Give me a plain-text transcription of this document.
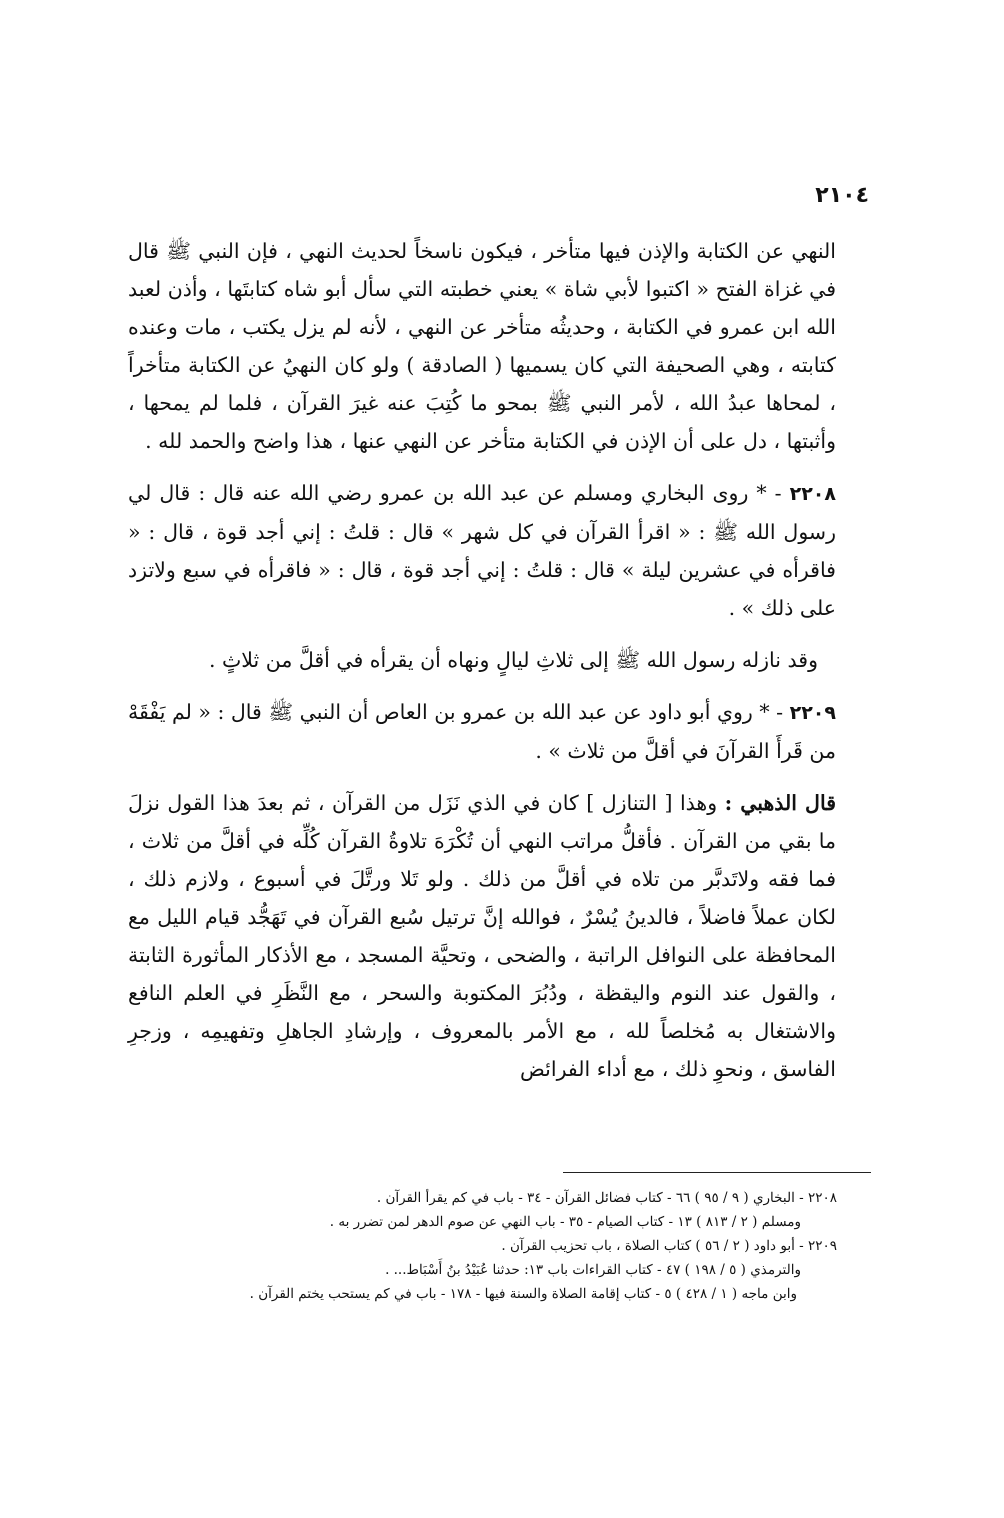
٢١٠٤

النهي عن الكتابة والإذن فيها متأخر ، فيكون ناسخاً لحديث النهي ، فإن النبي ﷺ قال في غزاة الفتح « اكتبوا لأبي شاة » يعني خطبته التي سأل أبو شاه كتابتَها ، وأذن لعبد الله ابن عمرو في الكتابة ، وحديثُه متأخر عن النهي ، لأنه لم يزل يكتب ، مات وعنده كتابته ، وهي الصحيفة التي كان يسميها ( الصادقة ) ولو كان النهيُ عن الكتابة متأخراً ، لمحاها عبدُ الله ، لأمر النبي ﷺ بمحو ما كُتِبَ عنه غيرَ القرآن ، فلما لم يمحها ، وأثبتها ، دل على أن الإذن في الكتابة متأخر عن النهي عنها ، هذا واضح والحمد لله .

٢٢٠٨ - * روى البخاري ومسلم عن عبد الله بن عمرو رضي الله عنه قال : قال لي رسول الله ﷺ : « اقرأ القرآن في كل شهر » قال : قلتُ : إني أجد قوة ، قال : « فاقرأه في عشرين ليلة » قال : قلتُ : إني أجد قوة ، قال : « فاقرأه في سبع ولاتزد على ذلك » .

وقد نازله رسول الله ﷺ إلى ثلاثِ ليالٍ ونهاه أن يقرأه في أقلَّ من ثلاثٍ .

٢٢٠٩ - * روي أبو داود عن عبد الله بن عمرو بن العاص أن النبي ﷺ قال : « لم يَفْقَهْ من قَرأَ القرآنَ في أقلَّ من ثلاث » .

قال الذهبي : وهذا [ التنازل ] كان في الذي نَزَل من القرآن ، ثم بعدَ هذا القول نزلَ ما بقي من القرآن . فأقلُّ مراتب النهي أن تُكْرَهَ تلاوةُ القرآن كُلِّه في أقلَّ من ثلاث ، فما فقه ولاتَدبَّر من تلاه في أقلَّ من ذلك . ولو تَلا ورتَّلَ في أسبوع ، ولازم ذلك ، لكان عملاً فاضلاً ، فالدينُ يُسْرٌ ، فوالله إنَّ ترتيل سُبع القرآن في تَهَجُّد قيام الليل مع المحافظة على النوافل الراتبة ، والضحى ، وتحيَّة المسجد ، مع الأذكار المأثورة الثابتة ، والقول عند النوم واليقظة ، ودُبُرَ المكتوبة والسحر ، مع النَّظَرِ في العلم النافع والاشتغال به مُخلصاً لله ، مع الأمر بالمعروف ، وإرشادِ الجاهلِ وتفهيمِه ، وزجرِ الفاسق ، ونحوِ ذلك ، مع أداء الفرائض

٢٢٠٨ - البخاري ( ٩ / ٩٥ ) ٦٦ - كتاب فضائل القرآن - ٣٤ - باب في كم يقرأ القرآن .

ومسلم ( ٢ / ٨١٣ ) ١٣ - كتاب الصيام - ٣٥ - باب النهي عن صوم الدهر لمن تضرر به .

٢٢٠٩ - أبو داود ( ٢ / ٥٦ ) كتاب الصلاة ، باب تحزيب القرآن .

والترمذي ( ٥ / ١٩٨ ) ٤٧ - كتاب القراءات باب ١٣: حدثنا عُبَيْدُ بنُ أَسْبَاط... .

وابن ماجه ( ١ / ٤٢٨ ) ٥ - كتاب إقامة الصلاة والسنة فيها - ١٧٨ - باب في كم يستحب يختم القرآن .
